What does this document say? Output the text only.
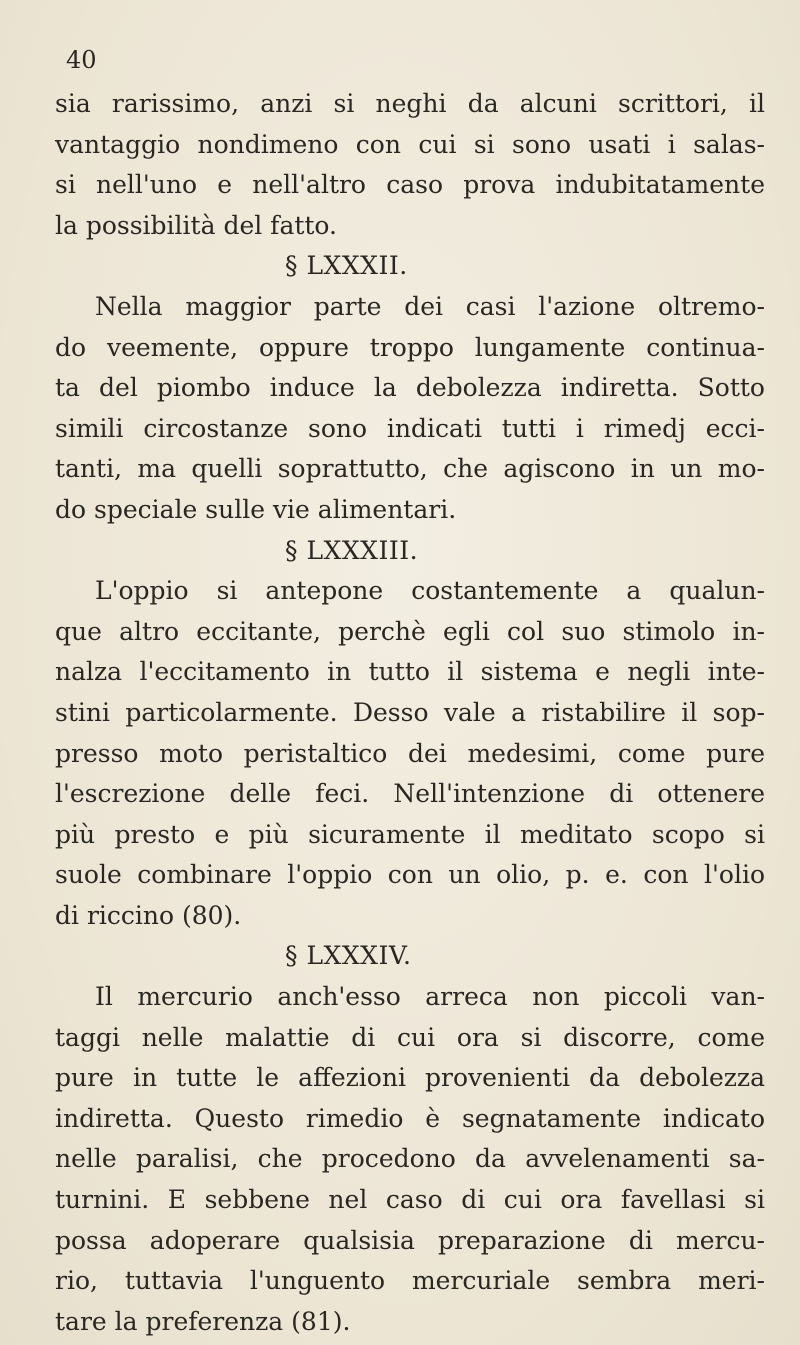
40
sia rarissimo, anzi si neghi da alcuni scrittori, il
vantaggio nondimeno con cui si sono usati i salas-
si nell'uno e nell'altro caso prova indubitatamente
la possibilità del fatto.
§ LXXXII.
Nella maggior parte dei casi l'azione oltremo-
do veemente, oppure troppo lungamente continua-
ta del piombo induce la debolezza indiretta. Sotto
simili circostanze sono indicati tutti i rimedj ecci-
tanti, ma quelli soprattutto, che agiscono in un mo-
do speciale sulle vie alimentari.
§ LXXXIII.
L'oppio si antepone costantemente a qualun-
que altro eccitante, perchè egli col suo stimolo in-
nalza l'eccitamento in tutto il sistema e negli inte-
stini particolarmente. Desso vale a ristabilire il sop-
presso moto peristaltico dei medesimi, come pure
l'escrezione delle feci. Nell'intenzione di ottenere
più presto e più sicuramente il meditato scopo si
suole combinare l'oppio con un olio, p. e. con l'olio
di riccino (80).
§ LXXXIV.
Il mercurio anch'esso arreca non piccoli van-
taggi nelle malattie di cui ora si discorre, come
pure in tutte le affezioni provenienti da debolezza
indiretta. Questo rimedio è segnatamente indicato
nelle paralisi, che procedono da avvelenamenti sa-
turnini. E sebbene nel caso di cui ora favellasi si
possa adoperare qualsisia preparazione di mercu-
rio, tuttavia l'unguento mercuriale sembra meri-
tare la preferenza (81).
